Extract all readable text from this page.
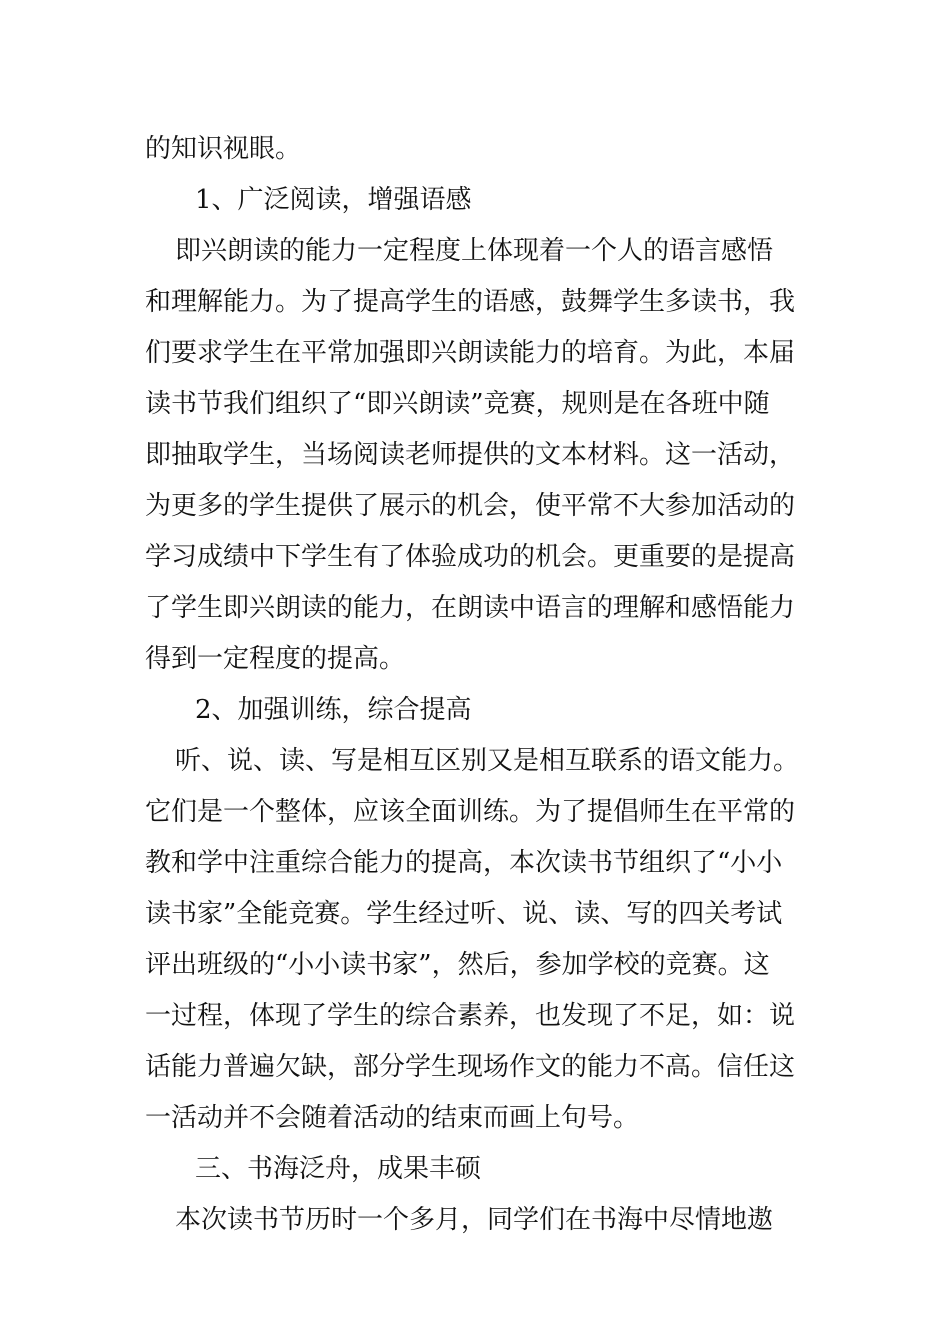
的知识视眼。
1、广泛阅读，增强语感
即兴朗读的能力一定程度上体现着一个人的语言感悟
和理解能力。为了提高学生的语感，鼓舞学生多读书，我
们要求学生在平常加强即兴朗读能力的培育。为此，本届
读书节我们组织了“即兴朗读”竞赛，规则是在各班中随
即抽取学生，当场阅读老师提供的文本材料。这一活动，
为更多的学生提供了展示的机会，使平常不大参加活动的
学习成绩中下学生有了体验成功的机会。更重要的是提高
了学生即兴朗读的能力，在朗读中语言的理解和感悟能力
得到一定程度的提高。
2、加强训练，综合提高
听、说、读、写是相互区别又是相互联系的语文能力。
它们是一个整体，应该全面训练。为了提倡师生在平常的
教和学中注重综合能力的提高，本次读书节组织了“小小
读书家”全能竞赛。学生经过听、说、读、写的四关考试
评出班级的“小小读书家”，然后，参加学校的竞赛。这
一过程，体现了学生的综合素养，也发现了不足，如：说
话能力普遍欠缺，部分学生现场作文的能力不高。信任这
一活动并不会随着活动的结束而画上句号。
三、书海泛舟，成果丰硕
本次读书节历时一个多月，同学们在书海中尽情地遨
